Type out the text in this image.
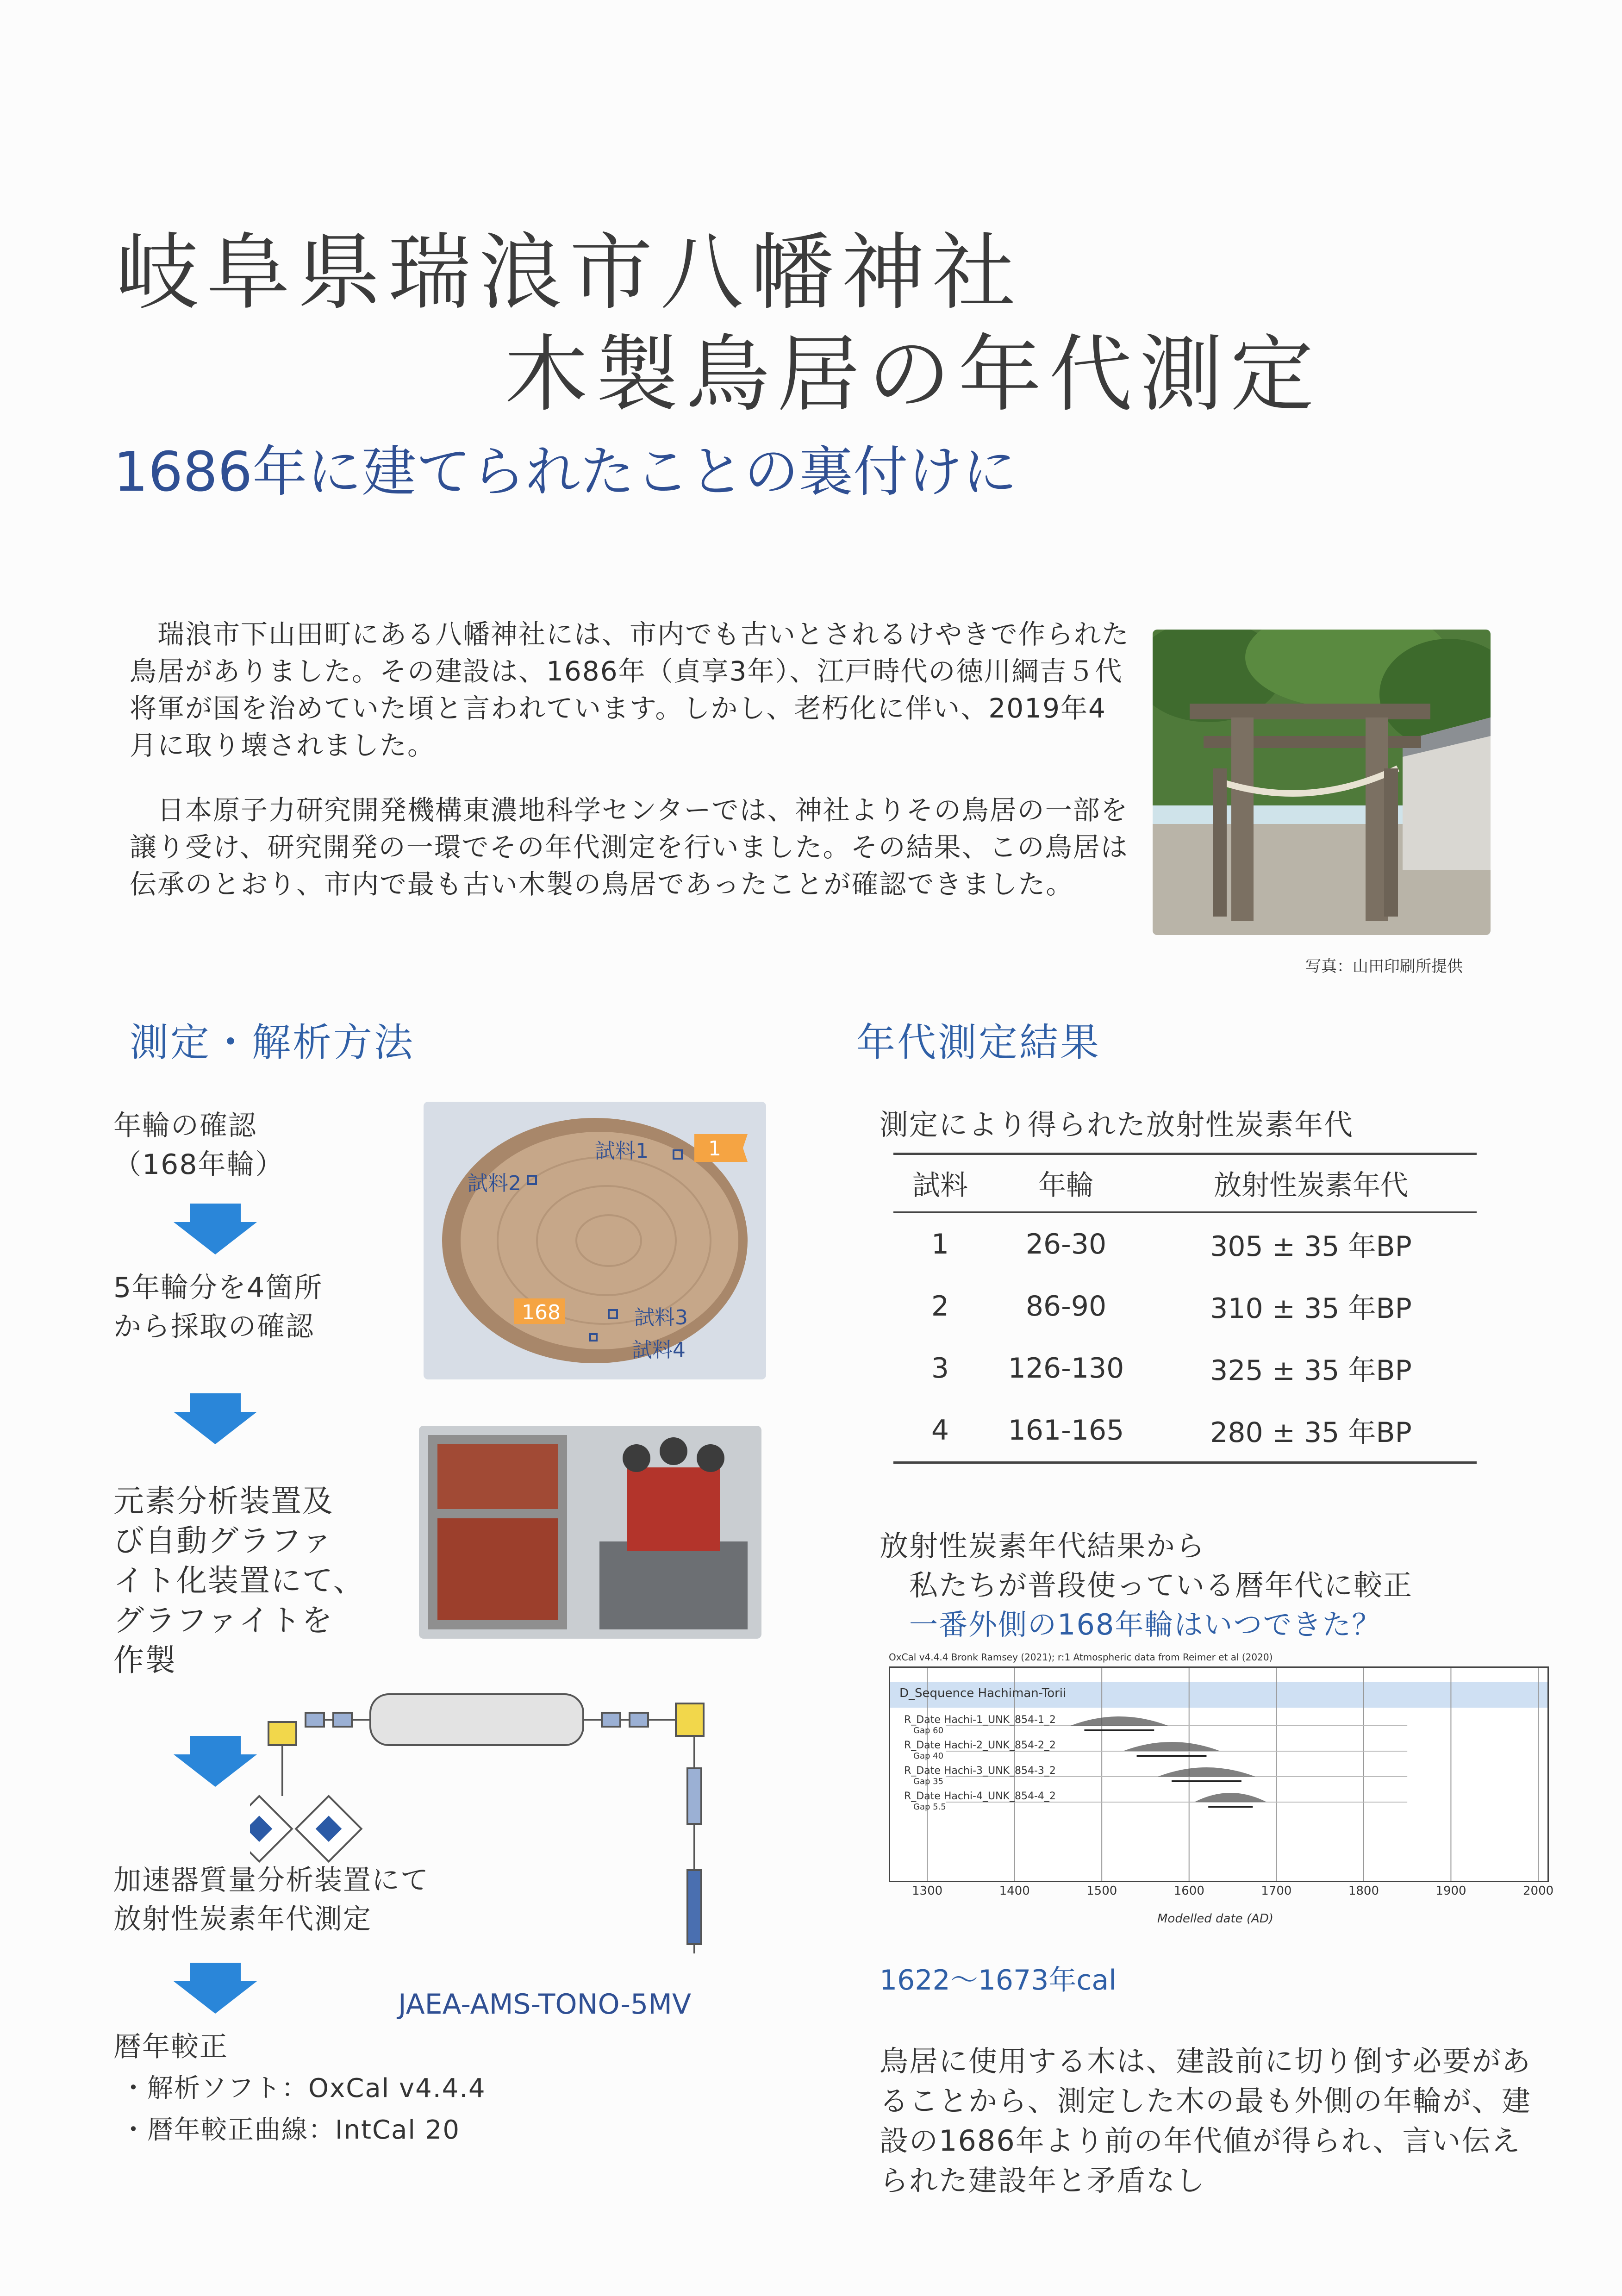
岐阜県瑞浪市八幡神社
木製鳥居の年代測定
1686年に建てられたことの裏付けに
　瑞浪市下山田町にある八幡神社には、市内でも古いとされるけやきで作られた鳥居がありました。その建設は、1686年（貞享3年）、江戸時代の徳川綱吉５代将軍が国を治めていた頃と言われています。しかし、老朽化に伴い、2019年4月に取り壊されました。
　日本原子力研究開発機構東濃地科学センターでは、神社よりその鳥居の一部を譲り受け、研究開発の一環でその年代測定を行いました。その結果、この鳥居は伝承のとおり、市内で最も古い木製の鳥居であったことが確認できました。
写真：山田印刷所提供
測定・解析方法	年代測定結果
年輪の確認
（168年輪）
5年輪分を4箇所
から採取の確認
元素分析装置及
び自動グラファ
イト化装置にて、
グラファイトを
作製
加速器質量分析装置にて
放射性炭素年代測定
暦年較正
・解析ソフト：OxCal v4.4.4
・暦年較正曲線：IntCal 20
試料1
試料2
試料3
試料4
1
168
JAEA-AMS-TONO-5MV
測定により得られた放射性炭素年代
試料	年輪	放射性炭素年代
1	26-30	305 ± 35 年BP
2	86-90	310 ± 35 年BP
3	126-130	325 ± 35 年BP
4	161-165	280 ± 35 年BP
放射性炭素年代結果から
　私たちが普段使っている暦年代に較正
　一番外側の168年輪はいつできた？
OxCal v4.4.4 Bronk Ramsey (2021); r:1 Atmospheric data from Reimer et al (2020)
D_Sequence Hachiman-Torii
R_Date Hachi-1_UNK_854-1_2
Gap 60
R_Date Hachi-2_UNK_854-2_2
Gap 40
R_Date Hachi-3_UNK_854-3_2
Gap 35
R_Date Hachi-4_UNK_854-4_2
Gap 5.5
1300	1400	1500	1600	1700	1800	1900	2000
Modelled date (AD)
1622〜1673年cal
鳥居に使用する木は、建設前に切り倒す必要があることから、測定した木の最も外側の年輪が、建設の1686年より前の年代値が得られ、言い伝えられた建設年と矛盾なし
